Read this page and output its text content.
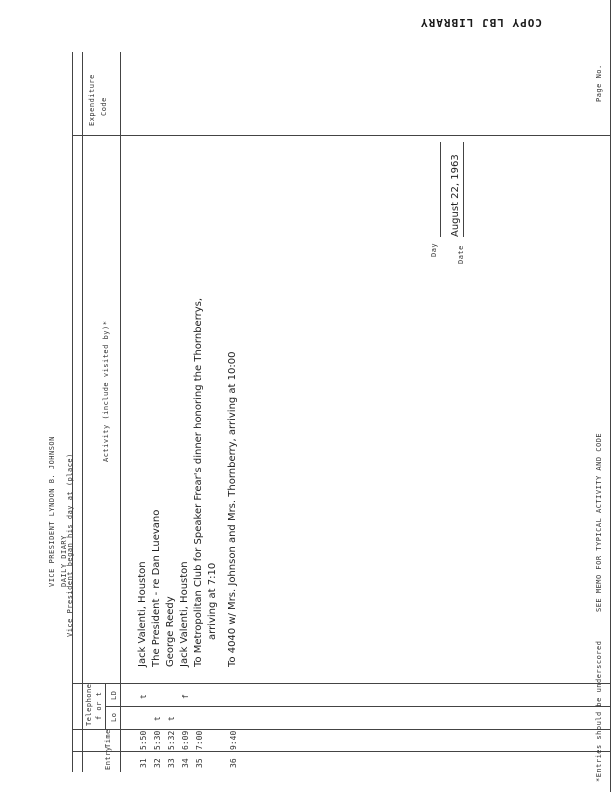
COPY LBJ LIBRARY
VICE PRESIDENT LYNDON B. JOHNSON DAILY DIARY
Vice President began his day at (place)
Day	Date
August 22, 1963
Entry
Time
Telephone f or t Lo
LD
Activity (include visited by)*
Expenditure Code
31
5:50
t
Jack Valenti, Houston
32
5:30
t
The President - re Dan Luevano
33
5:32
t
George Reedy
34
6:09
f
Jack Valenti, Houston
35
7:00
To Metropolitan Club for Speaker Frear's dinner honoring the Thornberrys, arriving at 7:10
36
9:40
To 4040 w/ Mrs. Johnson and Mrs. Thornberry, arriving at 10:00
*Entries should be underscored
SEE MEMO FOR TYPICAL ACTIVITY AND CODE
Page No.
